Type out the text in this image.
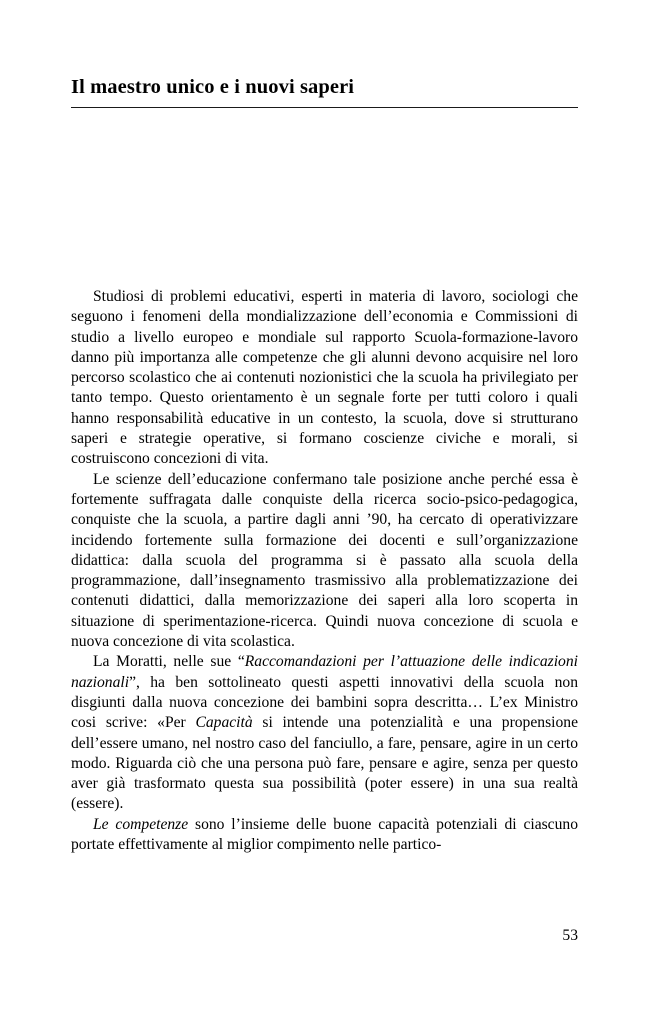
Il maestro unico e i nuovi saperi

Studiosi di problemi educativi, esperti in materia di lavoro, sociologi che seguono i fenomeni della mondializzazione dell’economia e Commissioni di studio a livello europeo e mondiale sul rapporto Scuola-formazione-lavoro danno più importanza alle competenze che gli alunni devono acquisire nel loro percorso scolastico che ai contenuti nozionistici che la scuola ha privilegiato per tanto tempo. Questo orientamento è un segnale forte per tutti coloro i quali hanno responsabilità educative in un contesto, la scuola, dove si strutturano saperi e strategie operative, si formano coscienze civiche e morali, si costruiscono concezioni di vita.

Le scienze dell’educazione confermano tale posizione anche perché essa è fortemente suffragata dalle conquiste della ricerca socio-psico-pedagogica, conquiste che la scuola, a partire dagli anni ’90, ha cercato di operativizzare incidendo fortemente sulla formazione dei docenti e sull’organizzazione didattica: dalla scuola del programma si è passato alla scuola della programmazione, dall’insegnamento trasmissivo alla problematizzazione dei contenuti didattici, dalla memorizzazione dei saperi alla loro scoperta in situazione di sperimentazione-ricerca. Quindi nuova concezione di scuola e nuova concezione di vita scolastica.

La Moratti, nelle sue “Raccomandazioni per l’attuazione delle indicazioni nazionali”, ha ben sottolineato questi aspetti innovativi della scuola non disgiunti dalla nuova concezione dei bambini sopra descritta… L’ex Ministro cosi scrive: «Per Capacità si intende una potenzialità e una propensione dell’essere umano, nel nostro caso del fanciullo, a fare, pensare, agire in un certo modo. Riguarda ciò che una persona può fare, pensare e agire, senza per questo aver già trasformato questa sua possibilità (poter essere) in una sua realtà (essere).

Le competenze sono l’insieme delle buone capacità potenziali di ciascuno portate effettivamente al miglior compimento nelle partico-

53
